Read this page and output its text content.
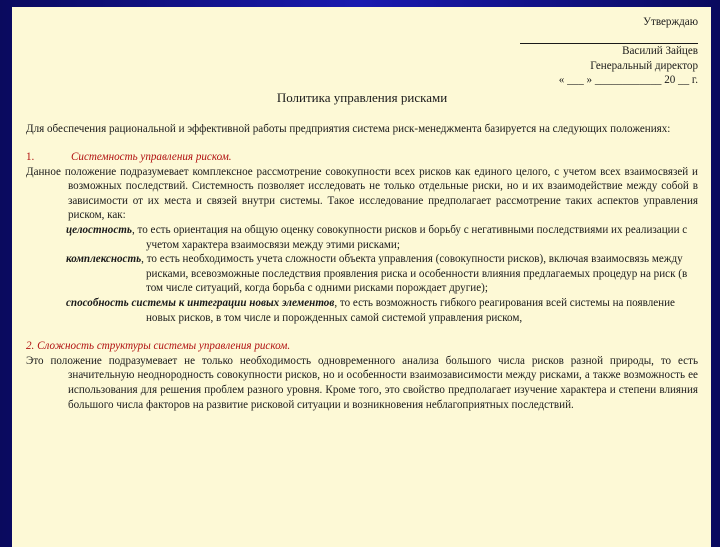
Утверждаю
Василий Зайцев
Генеральный директор
« ___ » ____________ 20 __ г.
Политика управления рисками

Для обеспечения рациональной и эффективной работы предприятия система риск-менеджмента базируется на следующих положениях:

1.	Системность управления риском.

Данное положение подразумевает комплексное рассмотрение совокупности всех рисков как единого целого, с учетом всех взаимосвязей и возможных последствий. Системность позволяет исследовать не только отдельные риски, но и их взаимодействие между собой в зависимости от их места и связей внутри системы. Такое исследование предполагает рассмотрение таких аспектов управления риском, как:

целостность, то есть ориентация на общую оценку совокупности рисков и борьбу с негативными последствиями их реализации с учетом характера взаимосвязи между этими рисками;

комплексность, то есть необходимость учета сложности объекта управления (совокупности рисков), включая взаимосвязь между рисками, всевозможные последствия проявления риска и особенности влияния предлагаемых процедур на риск (в том числе ситуаций, когда борьба с одними рисками порождает другие);

способность системы к интеграции новых элементов, то есть возможность гибкого реагирования всей системы на появление новых рисков, в том числе и порожденных самой системой управления риском,

2. Сложность структуры системы управления риском.

Это положение подразумевает не только необходимость одновременного анализа большого числа рисков разной природы, то есть значительную неоднородность совокупности рисков, но и особенности взаимозависимости между рисками, а также возможность ее использования для решения проблем разного уровня. Кроме того, это свойство предполагает изучение характера и степени влияния большого числа факторов на развитие рисковой ситуации и возникновения неблагоприятных последствий.
